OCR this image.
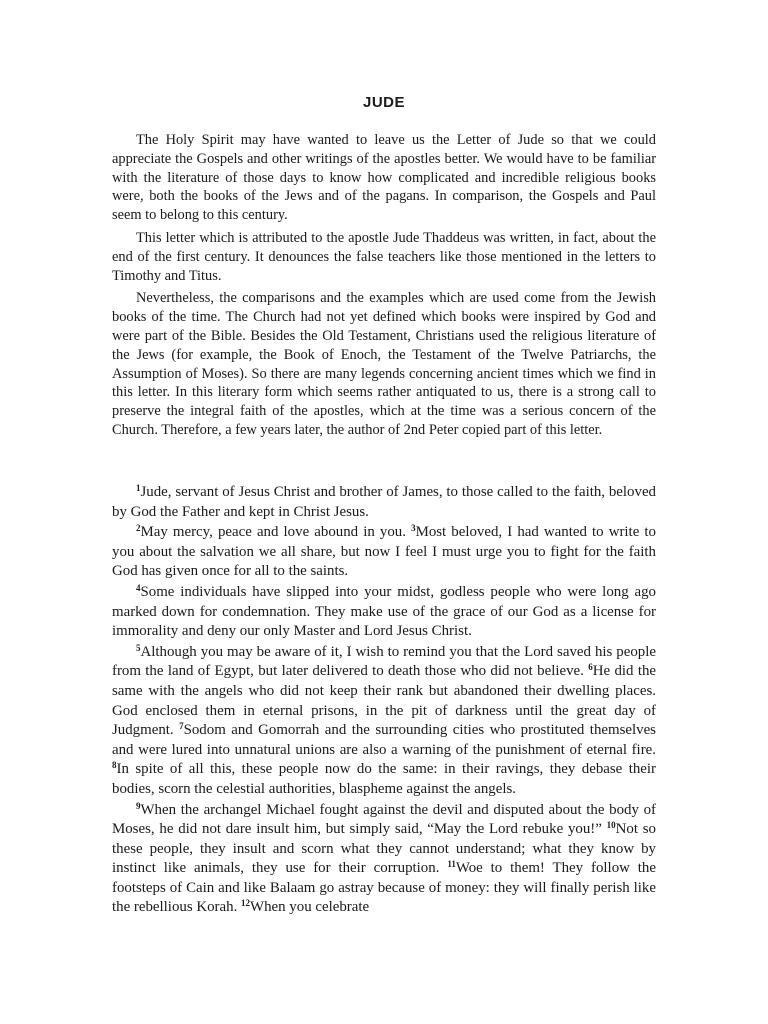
JUDE

The Holy Spirit may have wanted to leave us the Letter of Jude so that we could appreciate the Gospels and other writings of the apostles better. We would have to be familiar with the literature of those days to know how complicated and incredible religious books were, both the books of the Jews and of the pagans. In comparison, the Gospels and Paul seem to belong to this century.

This letter which is attributed to the apostle Jude Thaddeus was written, in fact, about the end of the first century. It denounces the false teachers like those mentioned in the letters to Timothy and Titus.

Nevertheless, the comparisons and the examples which are used come from the Jewish books of the time. The Church had not yet defined which books were inspired by God and were part of the Bible. Besides the Old Testament, Christians used the religious literature of the Jews (for example, the Book of Enoch, the Testament of the Twelve Patriarchs, the Assumption of Moses). So there are many legends concerning ancient times which we find in this letter. In this literary form which seems rather antiquated to us, there is a strong call to preserve the integral faith of the apostles, which at the time was a serious concern of the Church. Therefore, a few years later, the author of 2nd Peter copied part of this letter.

$^1$Jude, servant of Jesus Christ and brother of James, to those called to the faith, beloved by God the Father and kept in Christ Jesus.

$^2$May mercy, peace and love abound in you. $^3$Most beloved, I had wanted to write to you about the salvation we all share, but now I feel I must urge you to fight for the faith God has given once for all to the saints.

$^4$Some individuals have slipped into your midst, godless people who were long ago marked down for condemnation. They make use of the grace of our God as a license for immorality and deny our only Master and Lord Jesus Christ.

$^5$Although you may be aware of it, I wish to remind you that the Lord saved his people from the land of Egypt, but later delivered to death those who did not believe. $^6$He did the same with the angels who did not keep their rank but abandoned their dwelling places. God enclosed them in eternal prisons, in the pit of darkness until the great day of Judgment. $^7$Sodom and Gomorrah and the surrounding cities who prostituted themselves and were lured into unnatural unions are also a warning of the punishment of eternal fire. $^8$In spite of all this, these people now do the same: in their ravings, they debase their bodies, scorn the celestial authorities, blaspheme against the angels.

$^9$When the archangel Michael fought against the devil and disputed about the body of Moses, he did not dare insult him, but simply said, “May the Lord rebuke you!” $^{10}$Not so these people, they insult and scorn what they cannot understand; what they know by instinct like animals, they use for their corruption. $^{11}$Woe to them! They follow the footsteps of Cain and like Balaam go astray because of money: they will finally perish like the rebellious Korah. $^{12}$When you celebrate
